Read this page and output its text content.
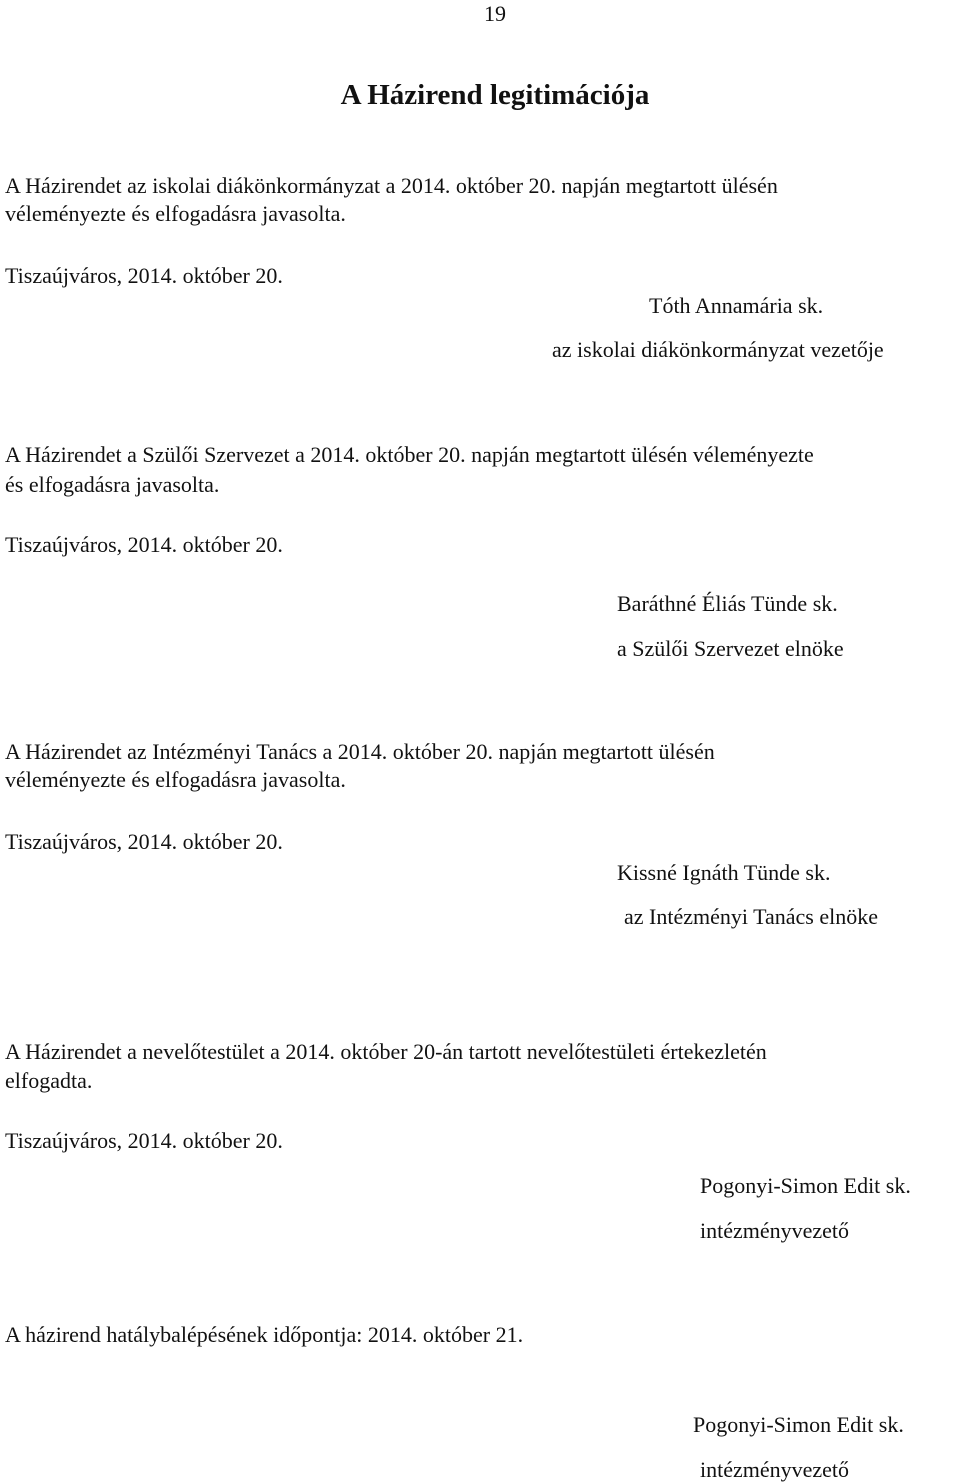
19
A Házirend legitimációja
A Házirendet az iskolai diákönkormányzat a 2014. október 20. napján megtartott ülésén
véleményezte és elfogadásra javasolta.
Tiszaújváros, 2014. október 20.
Tóth Annamária sk.
az iskolai diákönkormányzat vezetője
A Házirendet a Szülői Szervezet a 2014. október 20. napján megtartott ülésén véleményezte
és elfogadásra javasolta.
Tiszaújváros, 2014. október 20.
Baráthné Éliás Tünde sk.
a Szülői Szervezet elnöke
A Házirendet az Intézményi Tanács a 2014. október 20. napján megtartott ülésén
véleményezte és elfogadásra javasolta.
Tiszaújváros, 2014. október 20.
Kissné Ignáth Tünde sk.
az Intézményi Tanács elnöke
A Házirendet a nevelőtestület a 2014. október 20-án tartott nevelőtestületi értekezletén
elfogadta.
Tiszaújváros, 2014. október 20.
Pogonyi-Simon Edit sk.
intézményvezető
A házirend hatálybalépésének időpontja: 2014. október 21.
Pogonyi-Simon Edit sk.
intézményvezető
